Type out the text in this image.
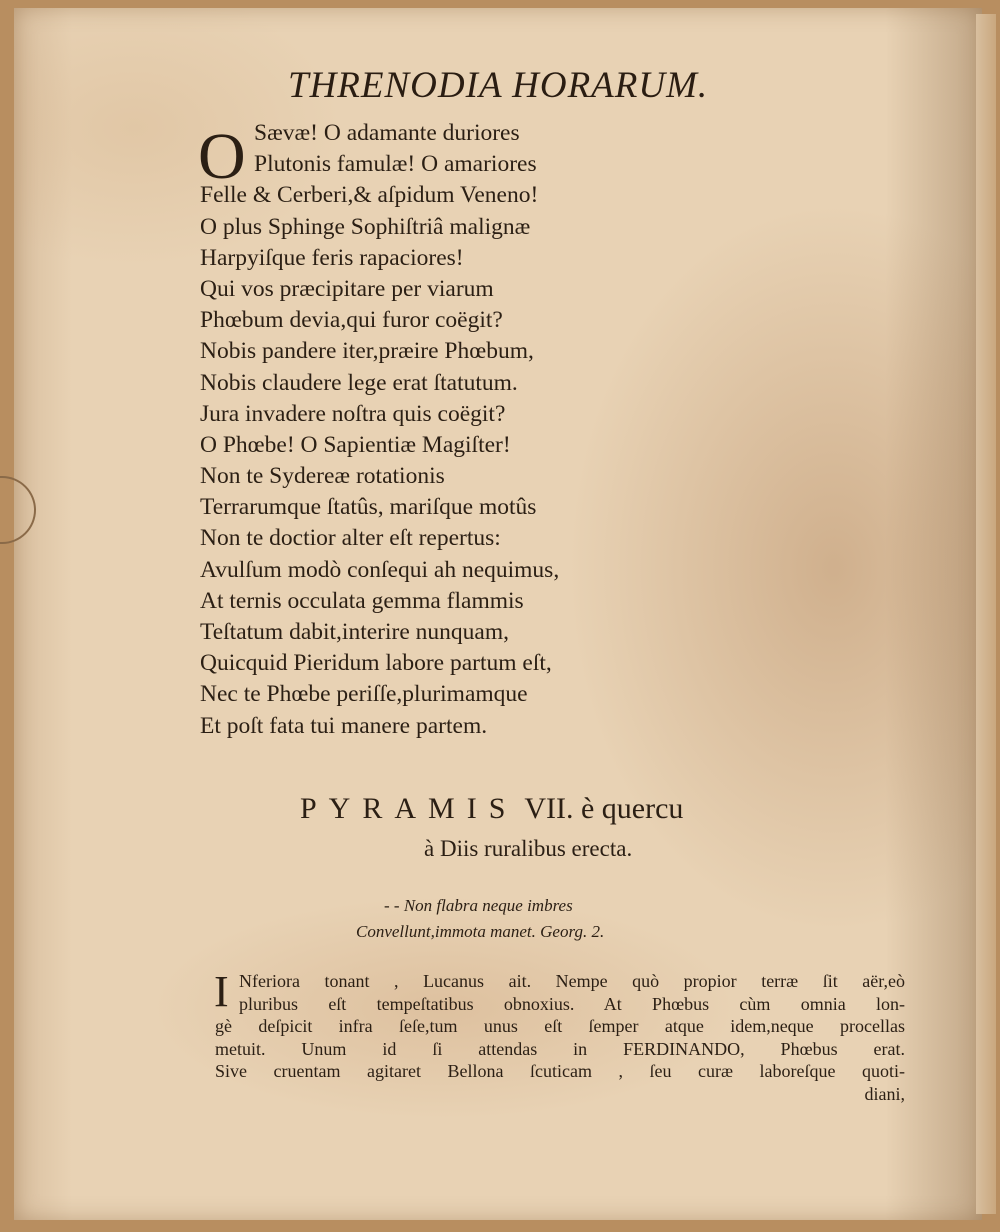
THRENODIA HORARUM.
O Sævæ! O adamante duriores
Plutonis famulæ! O amariores
Felle & Cerberi,& aſpidum Veneno!
O plus Sphinge Sophiſtriâ malignæ
Harpyiſque feris rapaciores!
Qui vos præcipitare per viarum
Phœbum devia,qui furor coëgit?
Nobis pandere iter,præire Phœbum,
Nobis claudere lege erat ſtatutum.
Jura invadere noſtra quis coëgit?
O Phœbe! O Sapientiæ Magiſter!
Non te Sydereæ rotationis
Terrarumque ſtatûs, mariſque motûs
Non te doctior alter eſt repertus:
Avulſum modò conſequi ah nequimus,
At ternis occulata gemma flammis
Teſtatum dabit,interire nunquam,
Quicquid Pieridum labore partum eſt,
Nec te Phœbe periſſe,plurimamque
Et poſt fata tui manere partem.
PYRAMIS VII. è quercu
à Diis ruralibus erecta.
- - Non flabra neque imbres
Convellunt,immota manet. Georg. 2.
I Nferiora tonant , Lucanus ait. Nempe quò propior terræ ſit aër,eò
pluribus eſt tempeſtatibus obnoxius. At Phœbus cùm omnia lon-
gè deſpicit infra ſeſe,tum unus eſt ſemper atque idem,neque procellas
metuit. Unum id ſi attendas in FERDINANDO, Phœbus erat.
Sive cruentam agitaret Bellona ſcuticam , ſeu curæ laboreſque quoti-
diani,
